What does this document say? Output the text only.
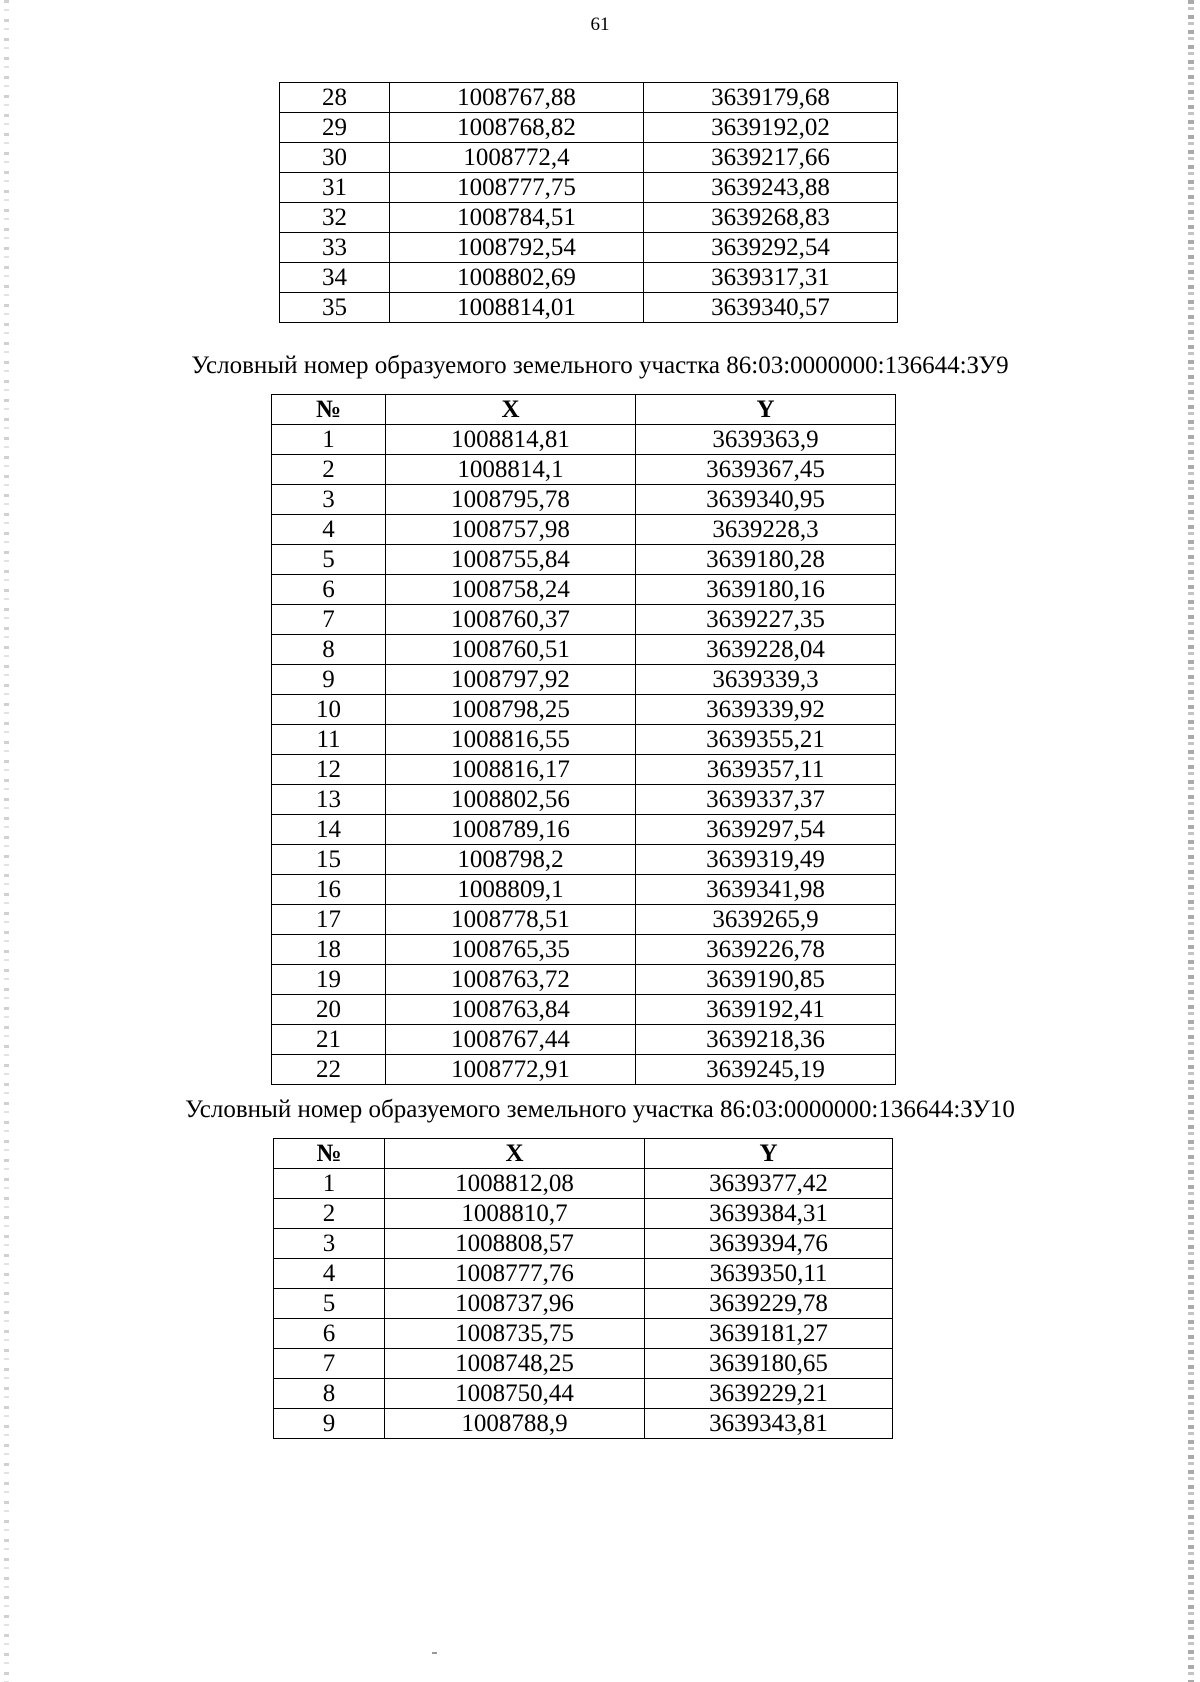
61
28	1008767,88	3639179,68
29	1008768,82	3639192,02
30	1008772,4	3639217,66
31	1008777,75	3639243,88
32	1008784,51	3639268,83
33	1008792,54	3639292,54
34	1008802,69	3639317,31
35	1008814,01	3639340,57
Условный номер образуемого земельного участка 86:03:0000000:136644:ЗУ9
№	X	Y
1	1008814,81	3639363,9
2	1008814,1	3639367,45
3	1008795,78	3639340,95
4	1008757,98	3639228,3
5	1008755,84	3639180,28
6	1008758,24	3639180,16
7	1008760,37	3639227,35
8	1008760,51	3639228,04
9	1008797,92	3639339,3
10	1008798,25	3639339,92
11	1008816,55	3639355,21
12	1008816,17	3639357,11
13	1008802,56	3639337,37
14	1008789,16	3639297,54
15	1008798,2	3639319,49
16	1008809,1	3639341,98
17	1008778,51	3639265,9
18	1008765,35	3639226,78
19	1008763,72	3639190,85
20	1008763,84	3639192,41
21	1008767,44	3639218,36
22	1008772,91	3639245,19
Условный номер образуемого земельного участка 86:03:0000000:136644:ЗУ10
№	X	Y
1	1008812,08	3639377,42
2	1008810,7	3639384,31
3	1008808,57	3639394,76
4	1008777,76	3639350,11
5	1008737,96	3639229,78
6	1008735,75	3639181,27
7	1008748,25	3639180,65
8	1008750,44	3639229,21
9	1008788,9	3639343,81
